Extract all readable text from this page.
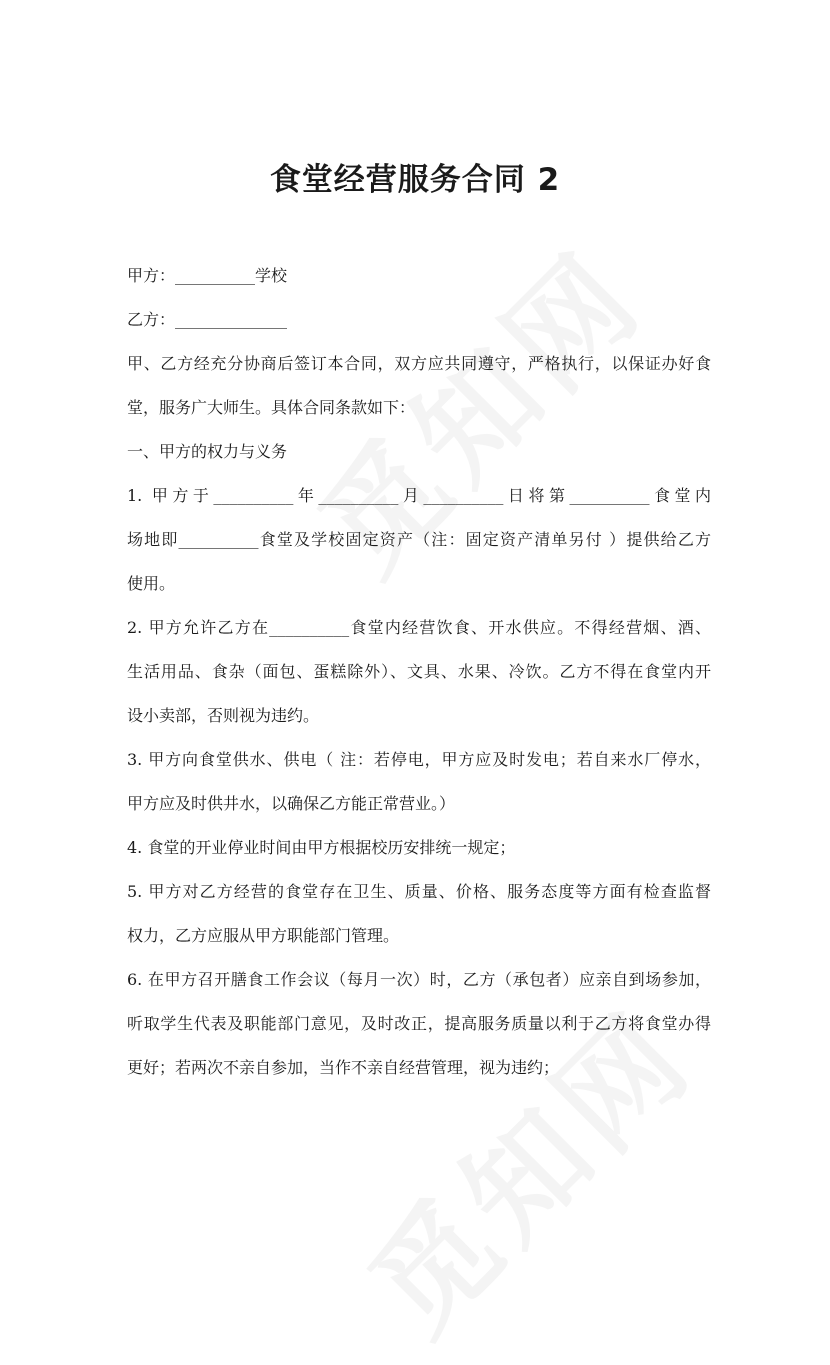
食堂经营服务合同 2
甲方：__________学校
乙方：______________
甲、乙方经充分协商后签订本合同，双方应共同遵守，严格执行，以保证办好食
堂，服务广大师生。具体合同条款如下：
一、甲方的权力与义务
1. 甲方于__________年__________月__________日将第__________食堂内
场地即__________食堂及学校固定资产（注：固定资产清单另付 ）提供给乙方
使用。
2. 甲方允许乙方在__________食堂内经营饮食、开水供应。不得经营烟、酒、
生活用品、食杂（面包、蛋糕除外）、文具、水果、冷饮。乙方不得在食堂内开
设小卖部，否则视为违约。
3. 甲方向食堂供水、供电（ 注：若停电，甲方应及时发电；若自来水厂停水，
甲方应及时供井水，以确保乙方能正常营业。）
4. 食堂的开业停业时间由甲方根据校历安排统一规定；
5. 甲方对乙方经营的食堂存在卫生、质量、价格、服务态度等方面有检查监督
权力，乙方应服从甲方职能部门管理。
6. 在甲方召开膳食工作会议（每月一次）时，乙方（承包者）应亲自到场参加，
听取学生代表及职能部门意见，及时改正，提高服务质量以利于乙方将食堂办得
更好；若两次不亲自参加，当作不亲自经营管理，视为违约；
